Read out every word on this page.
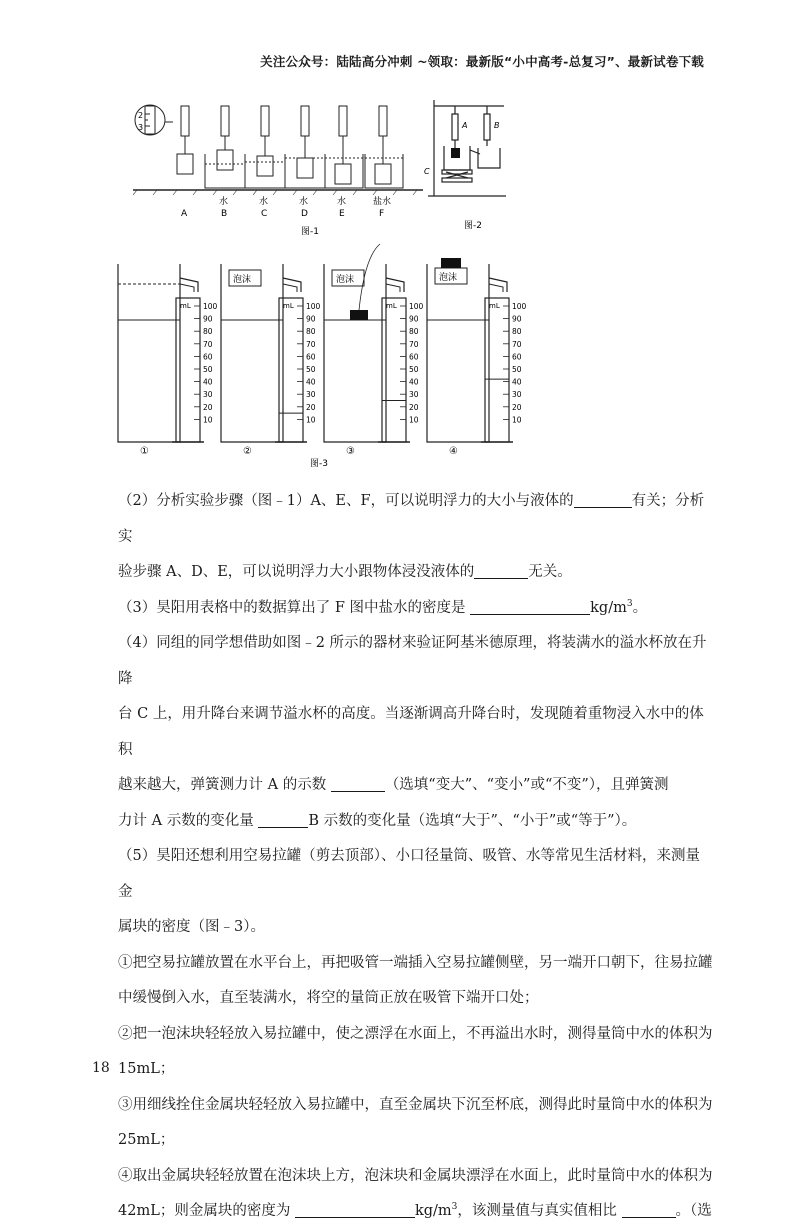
关注公众号：陆陆高分冲刺 ~领取：最新版“小中高考-总复习”、最新试卷下载
2
3
水	水	水	水	盐水
A	B	C	D	E	F
图-1
A	B
C
图-2
mL 100
90
80
70
60
50
40
30
20
10
①
mL 100
90
80
70
60
50
40
30
20
10
泡沫
②
mL 100
90
80
70
60
50
40
30
20
10
泡沫
③
mL 100
90
80
70
60
50
40
30
20
10
泡沫
④
图-3

（2）分析实验步骤（图﹣1）A、E、F，可以说明浮力的大小与液体的	有关；分析实

验步骤 A、D、E，可以说明浮力大小跟物体浸没液体的	无关。

（3）昊阳用表格中的数据算出了 F 图中盐水的密度是	$kg/m^3$。

（4）同组的同学想借助如图﹣2 所示的器材来验证阿基米德原理，将装满水的溢水杯放在升降

台 C 上，用升降台来调节溢水杯的高度。当逐渐调高升降台时，发现随着重物浸入水中的体积

越来越大，弹簧测力计 A 的示数	（选填“变大”、“变小”或“不变”），且弹簧测

力计 A 示数的变化量	B 示数的变化量（选填“大于”、“小于”或“等于”）。

（5）昊阳还想利用空易拉罐（剪去顶部）、小口径量筒、吸管、水等常见生活材料，来测量金

属块的密度（图﹣3）。

①把空易拉罐放置在水平台上，再把吸管一端插入空易拉罐侧壁，另一端开口朝下，往易拉罐

中缓慢倒入水，直至装满水，将空的量筒正放在吸管下端开口处；

②把一泡沫块轻轻放入易拉罐中，使之漂浮在水面上，不再溢出水时，测得量筒中水的体积为

15mL；

③用细线拴住金属块轻轻放入易拉罐中，直至金属块下沉至杯底，测得此时量筒中水的体积为

25mL；

④取出金属块轻轻放置在泡沫块上方，泡沫块和金属块漂浮在水面上，此时量筒中水的体积为

42mL；则金属块的密度为	$kg/m^3$，该测量值与真实值相比	。（选

18
